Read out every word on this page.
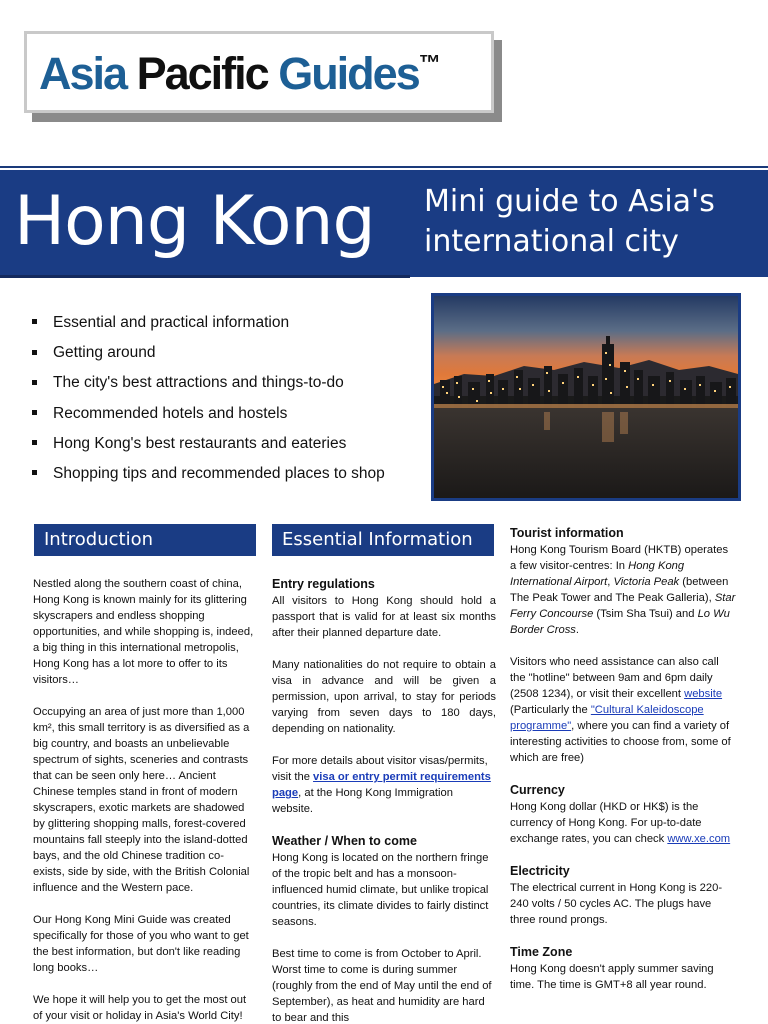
Asia Pacific Guides™
Hong Kong Mini guide to Asia's
international city
Essential and practical information
Getting around
The city's best attractions and things-to-do
Recommended hotels and hostels
Hong Kong's best restaurants and eateries
Shopping tips and recommended places to shop
Introduction	Essential Information

Nestled along the southern coast of china, Hong Kong is known mainly for its glittering skyscrapers and endless shopping opportunities, and while shopping is, indeed, a big thing in this international metropolis, Hong Kong has a lot more to offer to its visitors…

Occupying an area of just more than 1,000 km², this small territory is as diversified as a big country, and boasts an unbelievable spectrum of sights, sceneries and contrasts that can be seen only here… Ancient Chinese temples stand in front of modern skyscrapers, exotic markets are shadowed by glittering shopping malls, forest-covered mountains fall steeply into the island-dotted bays, and the old Chinese tradition co-exists, side by side, with the British Colonial influence and the Western pace.

Our Hong Kong Mini Guide was created specifically for those of you who want to get the best information, but don't like reading long books…

We hope it will help you to get the most out of your visit or holiday in Asia's World City!

Entry regulations

All visitors to Hong Kong should hold a passport that is valid for at least six months after their planned departure date.

Many nationalities do not require to obtain a visa in advance and will be given a permission, upon arrival, to stay for periods varying from seven days to 180 days, depending on nationality.

For more details about visitor visas/permits, visit the visa or entry permit requirements page, at the Hong Kong Immigration website.

Weather / When to come

Hong Kong is located on the northern fringe of the tropic belt and has a monsoon-influenced humid climate, but unlike tropical countries, its climate divides to fairly distinct seasons.

Best time to come is from October to April. Worst time to come is during summer (roughly from the end of May until the end of September), as heat and humidity are hard to bear and this

Tourist information

Hong Kong Tourism Board (HKTB) operates a few visitor-centres: In Hong Kong International Airport, Victoria Peak (between The Peak Tower and The Peak Galleria), Star Ferry Concourse (Tsim Sha Tsui) and Lo Wu Border Cross.

Visitors who need assistance can also call the "hotline" between 9am and 6pm daily (2508 1234), or visit their excellent website (Particularly the "Cultural Kaleidoscope programme", where you can find a variety of interesting activities to choose from, some of which are free)

Currency

Hong Kong dollar (HKD or HK$) is the currency of Hong Kong. For up-to-date exchange rates, you can check www.xe.com

Electricity

The electrical current in Hong Kong is 220-240 volts / 50 cycles AC. The plugs have three round prongs.

Time Zone

Hong Kong doesn't apply summer saving time. The time is GMT+8 all year round.
